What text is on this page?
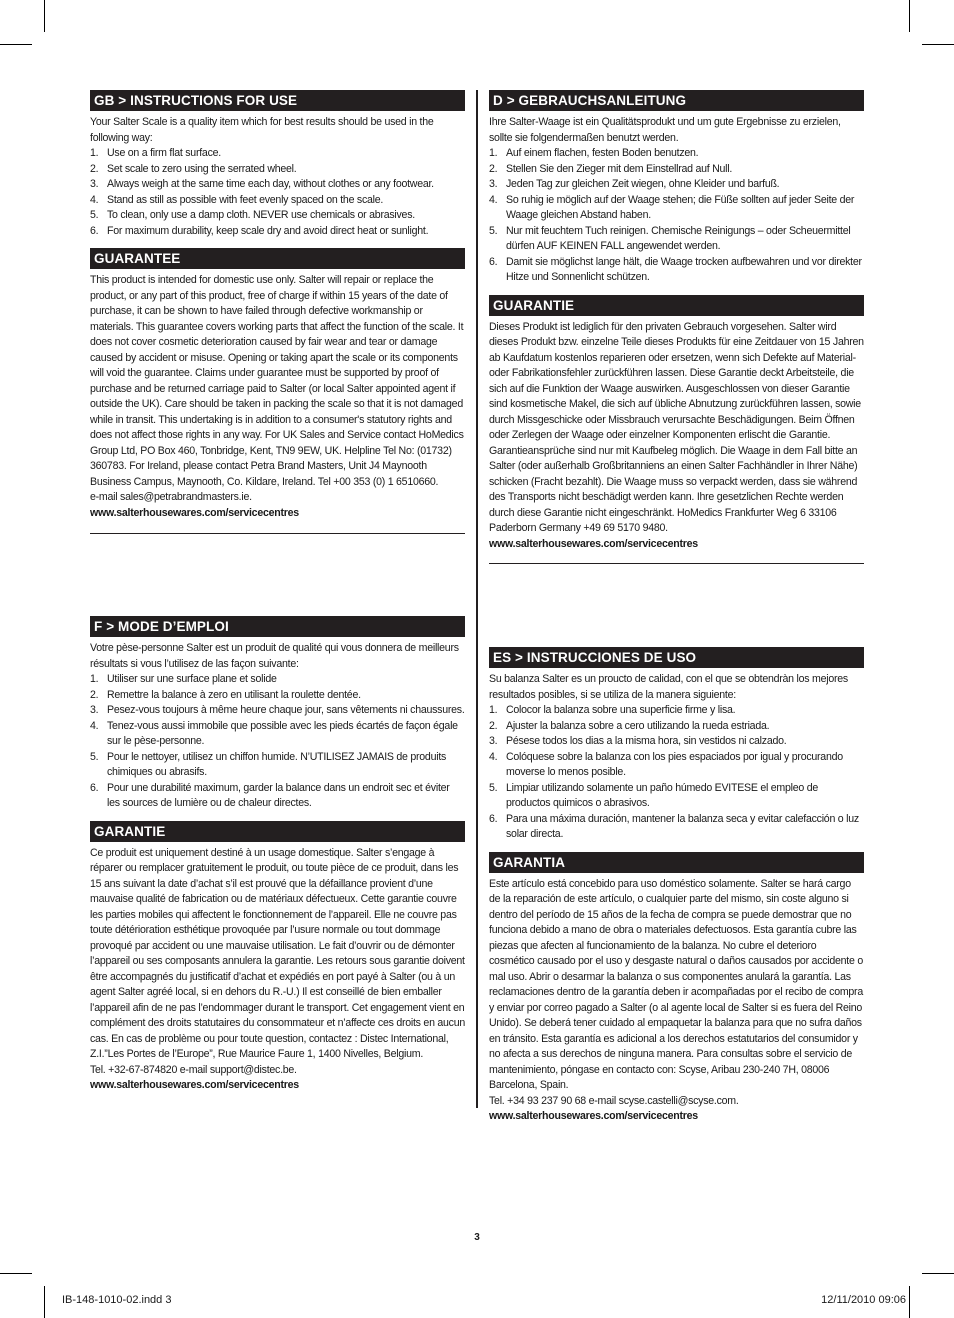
GB > INSTRUCTIONS FOR USE

Your Salter Scale is a quality item which for best results should be used in the following way:

1. Use on a firm flat surface.
2. Set scale to zero using the serrated wheel.
3. Always weigh at the same time each day, without clothes or any footwear.
4. Stand as still as possible with feet evenly spaced on the scale.
5. To clean, only use a damp cloth. NEVER use chemicals or abrasives.
6. For maximum durability, keep scale dry and avoid direct heat or sunlight.
GUARANTEE

This product is intended for domestic use only. Salter will repair or replace the product, or any part of this product, free of charge if within 15 years of the date of purchase, it can be shown to have failed through defective workmanship or materials. This guarantee covers working parts that affect the function of the scale. It does not cover cosmetic deterioration caused by fair wear and tear or damage caused by accident or misuse. Opening or taking apart the scale or its components will void the guarantee. Claims under guarantee must be supported by proof of purchase and be returned carriage paid to Salter (or local Salter appointed agent if outside the UK). Care should be taken in packing the scale so that it is not damaged while in transit. This undertaking is in addition to a consumer's statutory rights and does not affect those rights in any way. For UK Sales and Service contact HoMedics Group Ltd, PO Box 460, Tonbridge, Kent, TN9 9EW, UK. Helpline Tel No: (01732) 360783. For Ireland, please contact Petra Brand Masters, Unit J4 Maynooth Business Campus, Maynooth, Co. Kildare, Ireland. Tel +00 353 (0) 1 6510660.

e-mail sales@petrabrandmasters.ie.

www.salterhousewares.com/servicecentres

D > GEBRAUCHSANLEITUNG

Ihre Salter-Waage ist ein Qualitätsprodukt und um gute Ergebnisse zu erzielen, sollte sie folgendermaßen benutzt werden.

1. Auf einem flachen, festen Boden benutzen.
2. Stellen Sie den Zieger mit dem Einstellrad auf Null.
3. Jeden Tag zur gleichen Zeit wiegen, ohne Kleider und barfuß.
4. So ruhig ie möglich auf der Waage stehen; die Füße sollten auf jeder Seite der Waage gleichen Abstand haben.
5. Nur mit feuchtem Tuch reinigen. Chemische Reinigungs – oder Scheuermittel dürfen AUF KEINEN FALL angewendet werden.
6. Damit sie möglichst lange hält, die Waage trocken aufbewahren und vor direkter Hitze und Sonnenlicht schützen.
GUARANTIE

Dieses Produkt ist lediglich für den privaten Gebrauch vorgesehen. Salter wird dieses Produkt bzw. einzelne Teile dieses Produkts für eine Zeitdauer von 15 Jahren ab Kaufdatum kostenlos reparieren oder ersetzen, wenn sich Defekte auf Material- oder Fabrikationsfehler zurückführen lassen. Diese Garantie deckt Arbeitsteile, die sich auf die Funktion der Waage auswirken. Ausgeschlossen von dieser Garantie sind kosmetische Makel, die sich auf übliche Abnutzung zurückführen lassen, sowie durch Missgeschicke oder Missbrauch verursachte Beschädigungen. Beim Öffnen oder Zerlegen der Waage oder einzelner Komponenten erlischt die Garantie. Garantieansprüche sind nur mit Kaufbeleg möglich. Die Waage in dem Fall bitte an Salter (oder außerhalb Großbritanniens an einen Salter Fachhändler in Ihrer Nähe) schicken (Fracht bezahlt). Die Waage muss so verpackt werden, dass sie während des Transports nicht beschädigt werden kann. Ihre gesetzlichen Rechte werden durch diese Garantie nicht eingeschränkt. HoMedics Frankfurter Weg 6 33106 Paderborn Germany +49 69 5170 9480.

www.salterhousewares.com/servicecentres

F > MODE D’EMPLOI

Votre pèse-personne Salter est un produit de qualité qui vous donnera de meilleurs résultats si vous l’utilisez de las façon suivante:

1. Utiliser sur une surface plane et solide
2. Remettre la balance à zero en utilisant la roulette dentée.
3. Pesez-vous toujours à même heure chaque jour, sans vêtements ni chaussures.
4. Tenez-vous aussi immobile que possible avec les pieds écartés de façon égale sur le pèse-personne.
5. Pour le nettoyer, utilisez un chiffon humide. N’UTILISEZ JAMAIS de produits chimiques ou abrasifs.
6. Pour une durabilité maximum, garder la balance dans un endroit sec et éviter les sources de lumière ou de chaleur directes.
GARANTIE

Ce produit est uniquement destiné à un usage domestique. Salter s’engage à réparer ou remplacer gratuitement le produit, ou toute pièce de ce produit, dans les 15 ans suivant la date d’achat s’il est prouvé que la défaillance provient d’une mauvaise qualité de fabrication ou de matériaux défectueux. Cette garantie couvre les parties mobiles qui affectent le fonctionnement de l’appareil. Elle ne couvre pas toute détérioration esthétique provoquée par l’usure normale ou tout dommage provoqué par accident ou une mauvaise utilisation. Le fait d’ouvrir ou de démonter l’appareil ou ses composants annulera la garantie. Les retours sous garantie doivent être accompagnés du justificatif d’achat et expédiés en port payé à Salter (ou à un agent Salter agréé local, si en dehors du R.-U.) Il est conseillé de bien emballer l’appareil afin de ne pas l’endommager durant le transport. Cet engagement vient en complément des droits statutaires du consommateur et n’affecte ces droits en aucun cas. En cas de problème ou pour toute question, contactez : Distec International, Z.I.”Les Portes de l’Europe”, Rue Maurice Faure 1, 1400 Nivelles, Belgium.

Tel. +32-67-874820 e-mail support@distec.be.

www.salterhousewares.com/servicecentres

ES > INSTRUCCIONES DE USO

Su balanza Salter es un proucto de calidad, con el que se obtendràn los mejores resultados posibles, si se utiliza de la manera siguiente:

1. Colocor la balanza sobre una superficie firme y lisa.
2. Ajuster la balanza sobre a cero utilizando la rueda estriada.
3. Pésese todos los dias a la misma hora, sin vestidos ni calzado.
4. Colóquese sobre la balanza con los pies espaciados por igual y procurando moverse lo menos posible.
5. Limpiar utilizando solamente un paño húmedo EVITESE el empleo de productos quimicos o abrasivos.
6. Para una máxima duración, mantener la balanza seca y evitar calefacción o luz solar directa.
GARANTIA

Este artículo está concebido para uso doméstico solamente. Salter se hará cargo de la reparación de este artículo, o cualquier parte del mismo, sin coste alguno si dentro del período de 15 años de la fecha de compra se puede demostrar que no funciona debido a mano de obra o materiales defectuosos. Esta garantía cubre las piezas que afecten al funcionamiento de la balanza. No cubre el deterioro cosmético causado por el uso y desgaste natural o daños causados por accidente o mal uso. Abrir o desarmar la balanza o sus componentes anulará la garantía. Las reclamaciones dentro de la garantía deben ir acompañadas por el recibo de compra y enviar por correo pagado a Salter (o al agente local de Salter si es fuera del Reino Unido). Se deberá tener cuidado al empaquetar la balanza para que no sufra daños en tránsito. Esta garantía es adicional a los derechos estatutarios del consumidor y no afecta a sus derechos de ninguna manera. Para consultas sobre el servicio de mantenimiento, póngase en contacto con: Scyse, Aribau 230-240 7H, 08006 Barcelona, Spain.

Tel. +34 93 237 90 68 e-mail scyse.castelli@scyse.com.

www.salterhousewares.com/servicecentres

3
IB-148-1010-02.indd 3	12/11/2010 09:06
